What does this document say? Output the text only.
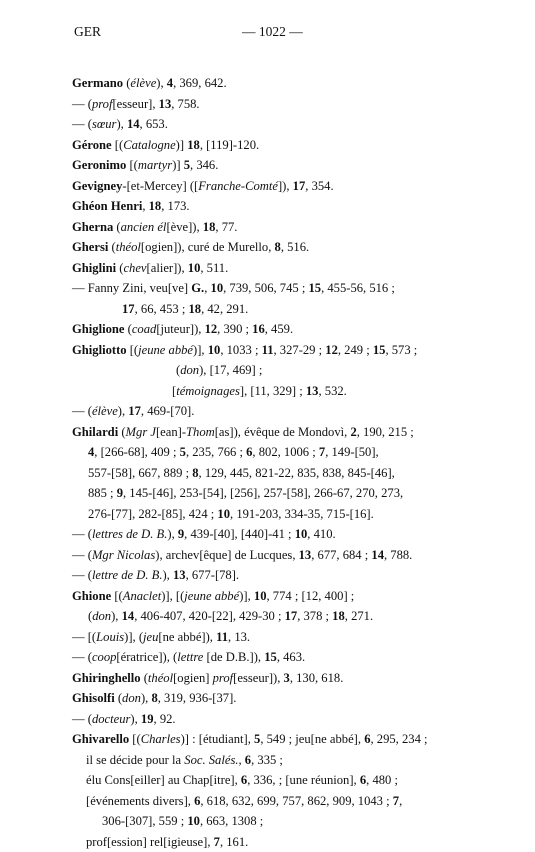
GER	— 1022 —
Germano (élève), 4, 369, 642.
— (prof[esseur], 13, 758.
— (sœur), 14, 653.
Gérone [(Catalogne)] 18, [119]-120.
Geronimo [(martyr)] 5, 346.
Gevigney-[et-Mercey] ([Franche-Comté]), 17, 354.
Ghéon Henri, 18, 173.
Gherna (ancien él[ève]), 18, 77.
Ghersi (théol[ogien]), curé de Murello, 8, 516.
Ghiglini (chev[alier]), 10, 511.
— Fanny Zini, veu[ve] G., 10, 739, 506, 745 ; 15, 455-56, 516 ;
17, 66, 453 ; 18, 42, 291.
Ghiglione (coad[juteur]), 12, 390 ; 16, 459.
Ghigliotto [(jeune abbé)], 10, 1033 ; 11, 327-29 ; 12, 249 ; 15, 573 ;
(don), [17, 469] ;
[témoignages], [11, 329] ; 13, 532.
— (élève), 17, 469-[70].
Ghilardi (Mgr J[ean]-Thom[as]), évêque de Mondovì, 2, 190, 215 ;
4, [266-68], 409 ; 5, 235, 766 ; 6, 802, 1006 ; 7, 149-[50],
557-[58], 667, 889 ; 8, 129, 445, 821-22, 835, 838, 845-[46],
885 ; 9, 145-[46], 253-[54], [256], 257-[58], 266-67, 270, 273,
276-[77], 282-[85], 424 ; 10, 191-203, 334-35, 715-[16].
— (lettres de D. B.), 9, 439-[40], [440]-41 ; 10, 410.
— (Mgr Nicolas), archev[êque] de Lucques, 13, 677, 684 ; 14, 788.
— (lettre de D. B.), 13, 677-[78].
Ghione [(Anaclet)], [(jeune abbé)], 10, 774 ; [12, 400] ;
(don), 14, 406-407, 420-[22], 429-30 ; 17, 378 ; 18, 271.
— [(Louis)], (jeu[ne abbé]), 11, 13.
— (coop[ératrice]), (lettre [de D.B.]), 15, 463.
Ghiringhello (théol[ogien] prof[esseur]), 3, 130, 618.
Ghisolfi (don), 8, 319, 936-[37].
— (docteur), 19, 92.
Ghivarello [(Charles)] : [étudiant], 5, 549 ; jeu[ne abbé], 6, 295, 234 ;
il se décide pour la Soc. Salés., 6, 335 ;
élu Cons[eiller] au Chap[itre], 6, 336, ; [une réunion], 6, 480 ;
[événements divers], 6, 618, 632, 699, 757, 862, 909, 1043 ; 7,
306-[307], 559 ; 10, 663, 1308 ;
prof[ession] rel[igieuse], 7, 161.
